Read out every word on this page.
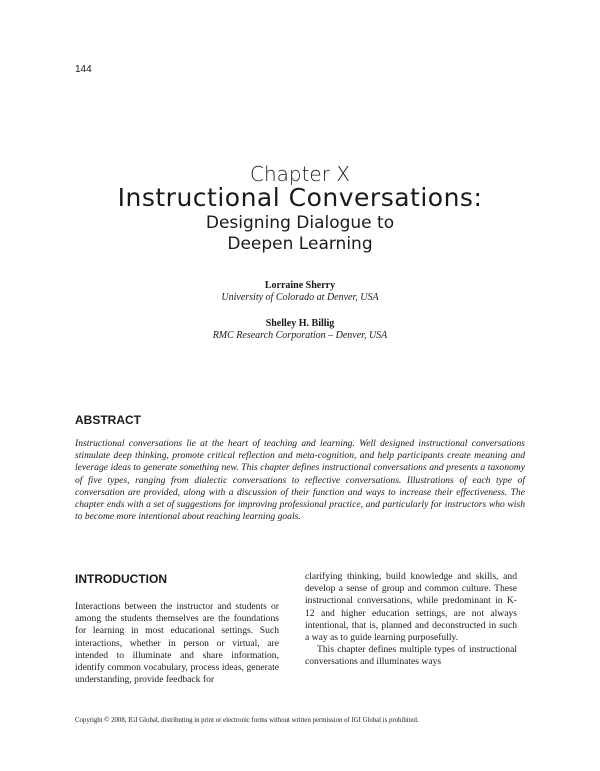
144
Chapter X
Instructional Conversations:
Designing Dialogue to
Deepen Learning
Lorraine Sherry
University of Colorado at Denver, USA
Shelley H. Billig
RMC Research Corporation – Denver, USA
ABSTRACT
Instructional conversations lie at the heart of teaching and learning. Well designed instructional conversations stimulate deep thinking, promote critical reflection and meta-cognition, and help participants create meaning and leverage ideas to generate something new. This chapter defines instructional conversations and presents a taxonomy of five types, ranging from dialectic conversations to reflective conversations. Illustrations of each type of conversation are provided, along with a discussion of their function and ways to increase their effectiveness. The chapter ends with a set of suggestions for improving professional practice, and particularly for instructors who wish to become more intentional about reaching learning goals.
INTRODUCTION

Interactions between the instructor and students or among the students themselves are the foundations for learning in most educational settings. Such interactions, whether in person or virtual, are intended to illuminate and share information, identify common vocabulary, process ideas, generate understanding, provide feedback for

clarifying thinking, build knowledge and skills, and develop a sense of group and common culture. These instructional conversations, while predominant in K-12 and higher education settings, are not always intentional, that is, planned and deconstructed in such a way as to guide learning purposefully.

This chapter defines multiple types of instructional conversations and illuminates ways

Copyright © 2008, IGI Global, distributing in print or electronic forms without written permission of IGI Global is prohibited.
